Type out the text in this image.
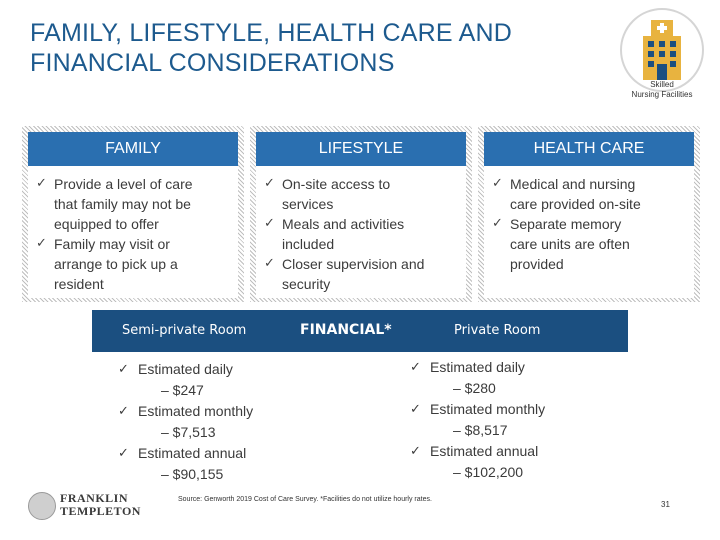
FAMILY, LIFESTYLE, HEALTH CARE AND
FINANCIAL CONSIDERATIONS
Skilled
Nursing Facilities
FAMILY
✓ Provide a level of care
that family may not be
equipped to offer
✓ Family may visit or
arrange to pick up a
resident
LIFESTYLE
✓ On-site access to
services
✓ Meals and activities
included
✓ Closer supervision and
security
HEALTH CARE
✓ Medical and nursing
care provided on-site
✓ Separate memory
care units are often
provided
Semi-private Room	Private Room
FINANCIAL*
✓ Estimated daily
– $247
✓ Estimated monthly
– $7,513
✓ Estimated annual
– $90,155
✓ Estimated daily
– $280
✓ Estimated monthly
– $8,517
✓ Estimated annual
– $102,200
FRANKLIN
TEMPLETON
Source: Genworth 2019 Cost of Care Survey. *Facilities do not utilize hourly rates.
31
